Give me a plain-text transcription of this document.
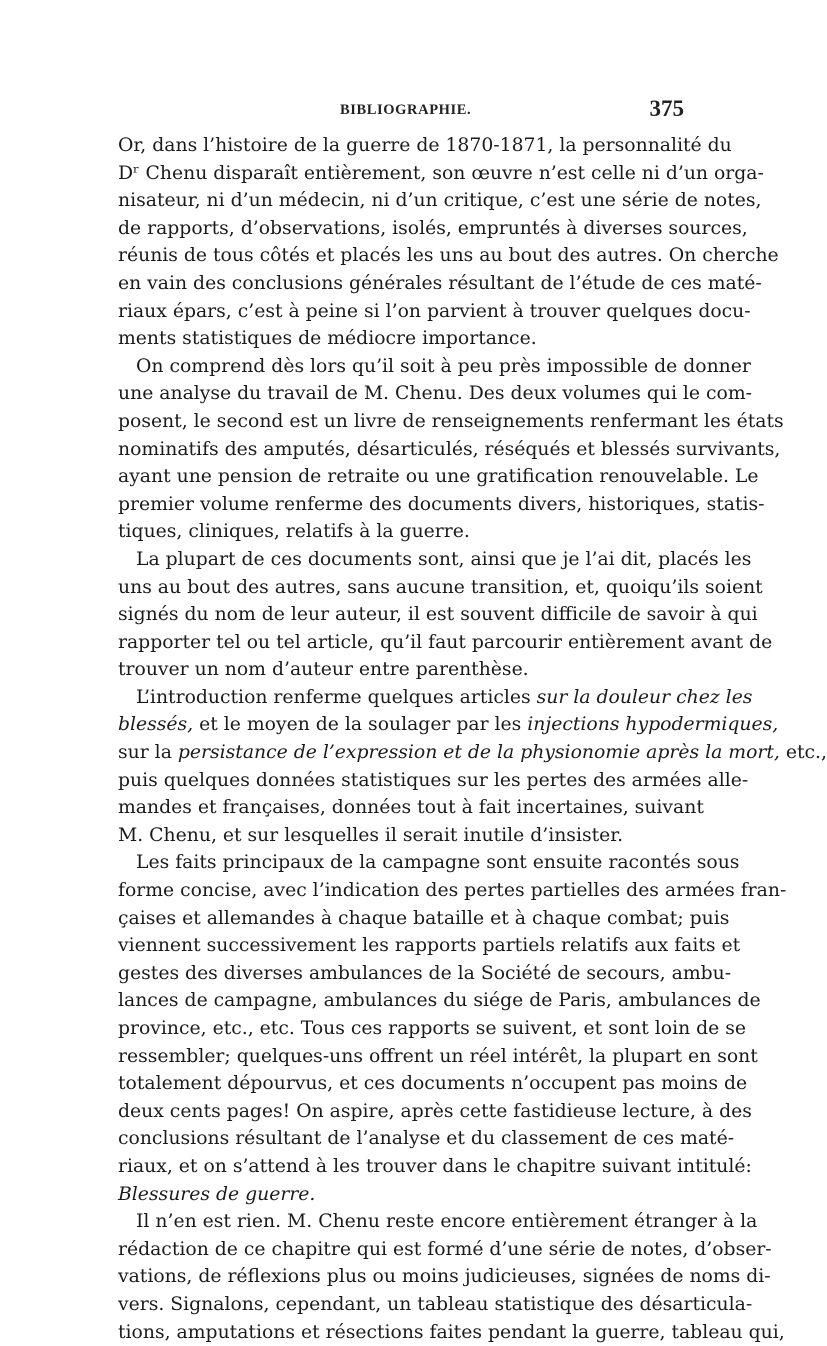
BIBLIOGRAPHIE.	375
Or, dans l’histoire de la guerre de 1870-1871, la personnalité du
Dʳ Chenu disparaît entièrement, son œuvre n’est celle ni d’un orga-
nisateur, ni d’un médecin, ni d’un critique, c’est une série de notes,
de rapports, d’observations, isolés, empruntés à diverses sources,
réunis de tous côtés et placés les uns au bout des autres. On cherche
en vain des conclusions générales résultant de l’étude de ces maté-
riaux épars, c’est à peine si l’on parvient à trouver quelques docu-
ments statistiques de médiocre importance.
On comprend dès lors qu’il soit à peu près impossible de donner
une analyse du travail de M. Chenu. Des deux volumes qui le com-
posent, le second est un livre de renseignements renfermant les états
nominatifs des amputés, désarticulés, réséqués et blessés survivants,
ayant une pension de retraite ou une gratification renouvelable. Le
premier volume renferme des documents divers, historiques, statis-
tiques, cliniques, relatifs à la guerre.
La plupart de ces documents sont, ainsi que je l’ai dit, placés les
uns au bout des autres, sans aucune transition, et, quoiqu’ils soient
signés du nom de leur auteur, il est souvent difficile de savoir à qui
rapporter tel ou tel article, qu’il faut parcourir entièrement avant de
trouver un nom d’auteur entre parenthèse.
L’introduction renferme quelques articles sur la douleur chez les
blessés, et le moyen de la soulager par les injections hypodermiques,
sur la persistance de l’expression et de la physionomie après la mort, etc.,
puis quelques données statistiques sur les pertes des armées alle-
mandes et françaises, données tout à fait incertaines, suivant
M. Chenu, et sur lesquelles il serait inutile d’insister.
Les faits principaux de la campagne sont ensuite racontés sous
forme concise, avec l’indication des pertes partielles des armées fran-
çaises et allemandes à chaque bataille et à chaque combat; puis
viennent successivement les rapports partiels relatifs aux faits et
gestes des diverses ambulances de la Société de secours, ambu-
lances de campagne, ambulances du siége de Paris, ambulances de
province, etc., etc. Tous ces rapports se suivent, et sont loin de se
ressembler; quelques-uns offrent un réel intérêt, la plupart en sont
totalement dépourvus, et ces documents n’occupent pas moins de
deux cents pages! On aspire, après cette fastidieuse lecture, à des
conclusions résultant de l’analyse et du classement de ces maté-
riaux, et on s’attend à les trouver dans le chapitre suivant intitulé:
Blessures de guerre.
Il n’en est rien. M. Chenu reste encore entièrement étranger à la
rédaction de ce chapitre qui est formé d’une série de notes, d’obser-
vations, de réflexions plus ou moins judicieuses, signées de noms di-
vers. Signalons, cependant, un tableau statistique des désarticula-
tions, amputations et résections faites pendant la guerre, tableau qui,
